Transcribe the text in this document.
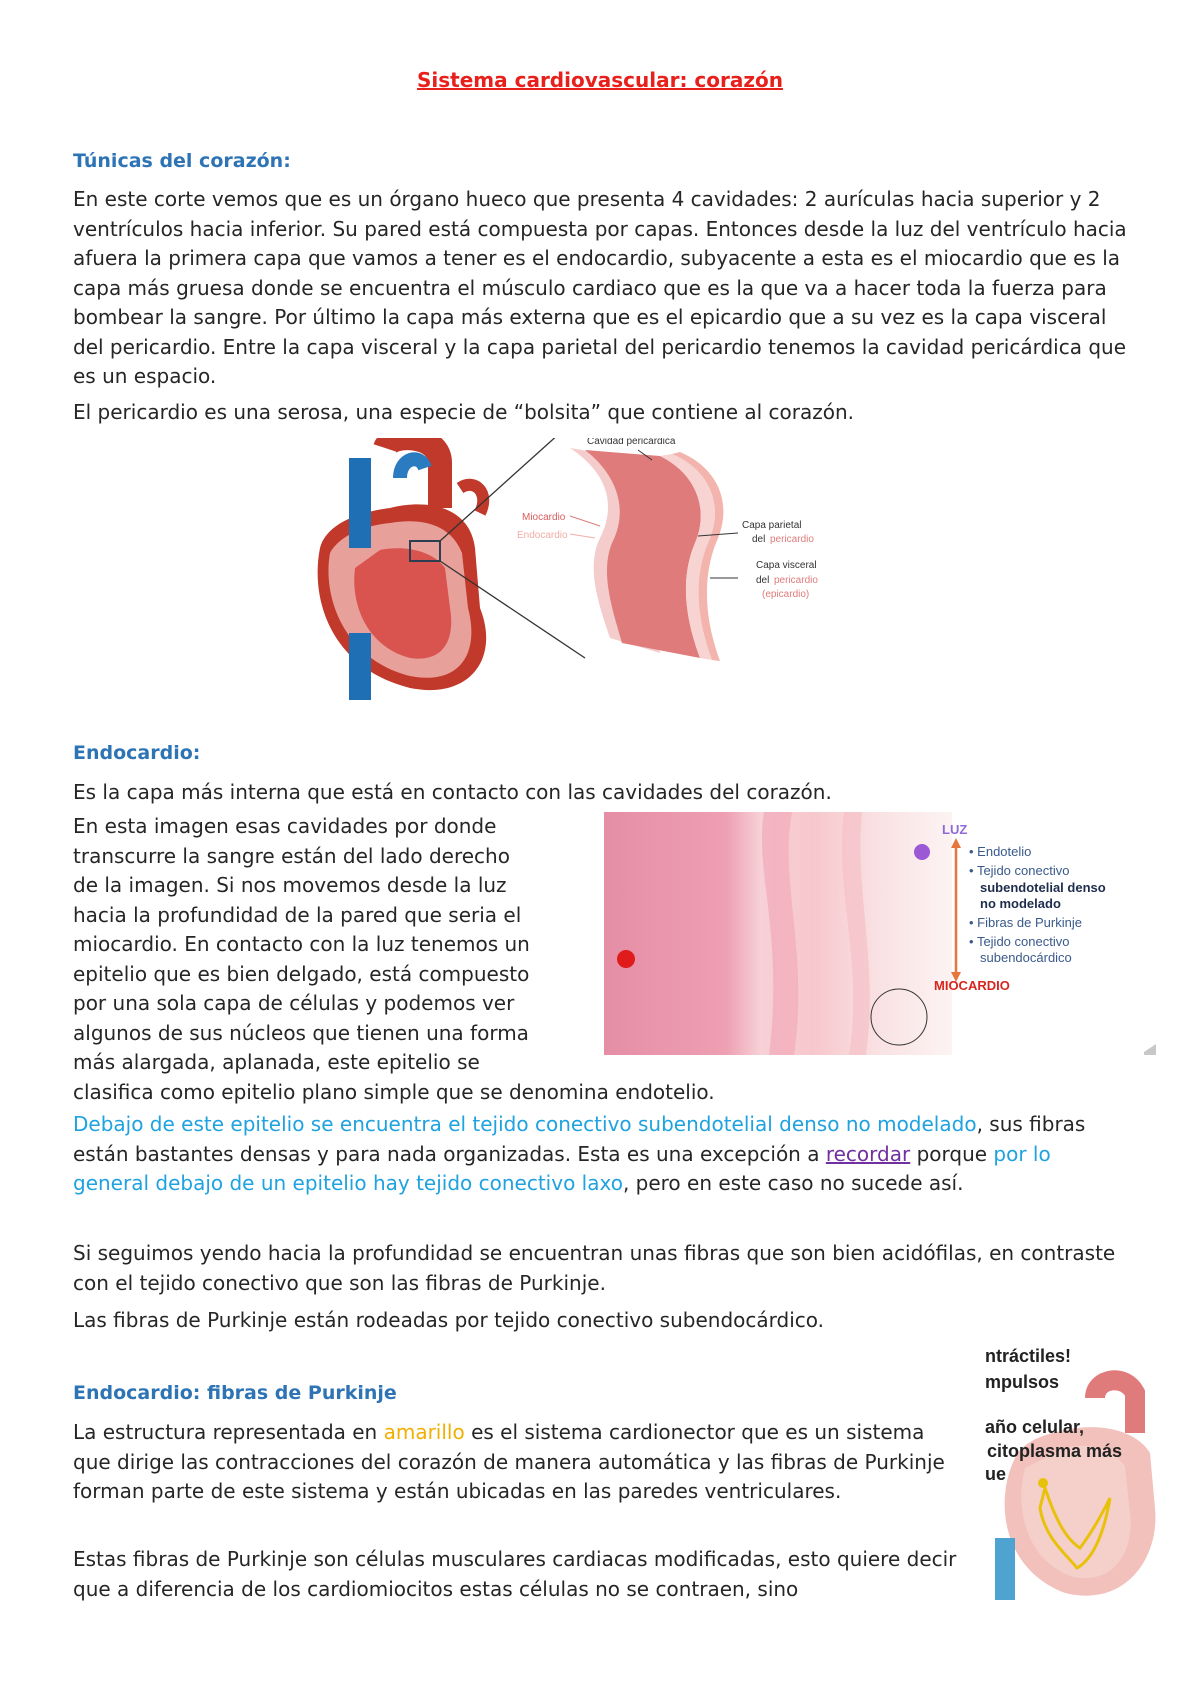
Sistema cardiovascular: corazón
Túnicas del corazón:

En este corte vemos que es un órgano hueco que presenta 4 cavidades: 2 aurículas hacia superior y 2 ventrículos hacia inferior. Su pared está compuesta por capas. Entonces desde la luz del ventrículo hacia afuera la primera capa que vamos a tener es el endocardio, subyacente a esta es el miocardio que es la capa más gruesa donde se encuentra el músculo cardiaco que es la que va a hacer toda la fuerza para bombear la sangre. Por último la capa más externa que es el epicardio que a su vez es la capa visceral del pericardio. Entre la capa visceral y la capa parietal del pericardio tenemos la cavidad pericárdica que es un espacio.

El pericardio es una serosa, una especie de “bolsita” que contiene al corazón.

Cavidad pericárdica
Miocardio
Endocardio
Capa parietal
del pericardio
Capa visceral
del pericardio
(epicardio)
Endocardio:

Es la capa más interna que está en contacto con las cavidades del corazón.

En esta imagen esas cavidades por donde
transcurre la sangre están del lado derecho
de la imagen. Si nos movemos desde la luz
hacia la profundidad de la pared que seria el
miocardio. En contacto con la luz tenemos un
epitelio que es bien delgado, está compuesto
por una sola capa de células y podemos ver
algunos de sus núcleos que tienen una forma
más alargada, aplanada, este epitelio se
clasifica como epitelio plano simple que se denomina endotelio.
LUZ
• Endotelio
• Tejido conectivo
subendotelial denso
no modelado
• Fibras de Purkinje
• Tejido conectivo
subendocárdico
MIOCARDIO

Debajo de este epitelio se encuentra el tejido conectivo subendotelial denso no modelado, sus fibras están bastantes densas y para nada organizadas. Esta es una excepción a recordar porque por lo general debajo de un epitelio hay tejido conectivo laxo, pero en este caso no sucede así.

Si seguimos yendo hacia la profundidad se encuentran unas fibras que son bien acidófilas, en contraste con el tejido conectivo que son las fibras de Purkinje.

Las fibras de Purkinje están rodeadas por tejido conectivo subendocárdico.

Endocardio: fibras de Purkinje

La estructura representada en amarillo es el sistema cardionector que es un sistema que dirige las contracciones del corazón de manera automática y las fibras de Purkinje forman parte de este sistema y están ubicadas en las paredes ventriculares.

Estas fibras de Purkinje son células musculares cardiacas modificadas, esto quiere decir que a diferencia de los cardiomiocitos estas células no se contraen, sino

ntráctiles!
mpulsos
año celular,
citoplasma más
ue
